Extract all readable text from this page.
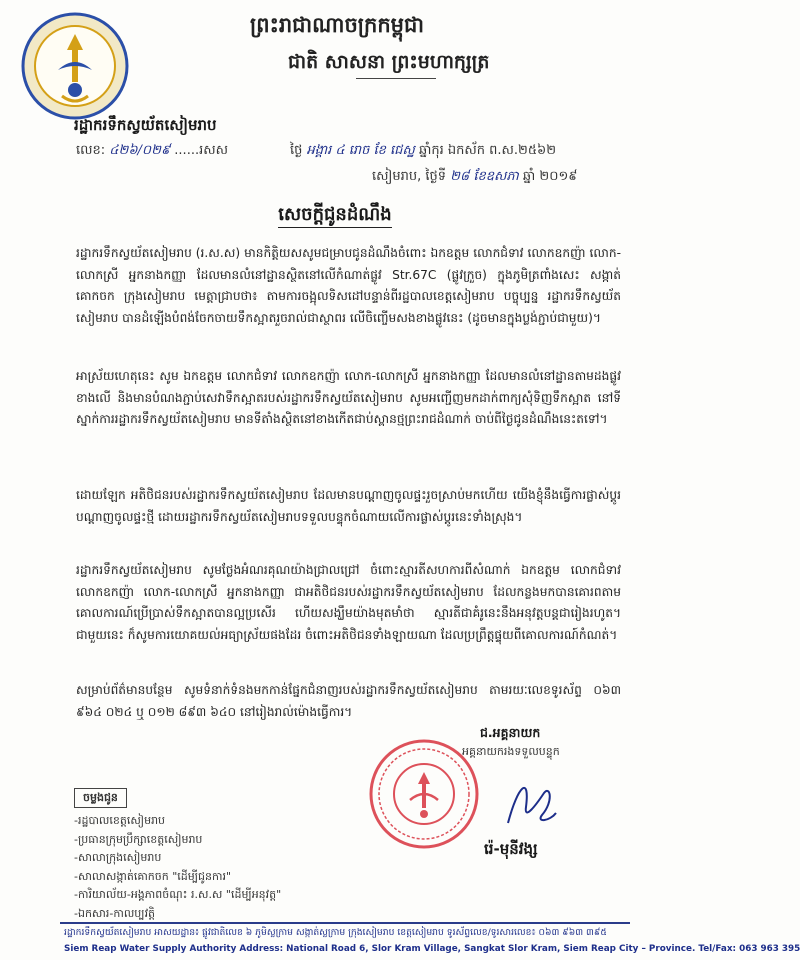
ព្រះរាជាណាចក្រកម្ពុជា
ជាតិ សាសនា ព្រះមហាក្សត្រ
រដ្ឋាករទឹកស្វយ័តសៀមរាប
លេខ: ៤២៦/០២៩ ......រសស	ថ្ងៃ អង្គារ ៤ រោច ខែ ជេស្ឋ ឆ្នាំកុរ ឯកស័ក ព.ស.២៥៦២
សៀមរាប, ថ្ងៃទី ២៨ ខែឧសភា ឆ្នាំ ២០១៩
សេចក្តីជូនដំណឹង
រដ្ឋាករទឹកស្វយ័តសៀមរាប (រ.ស.ស) មានកិត្តិយសសូមជម្រាបជូនដំណឹងចំពោះ ឯកឧត្តម លោកជំទាវ លោកឧកញ៉ា លោក-លោកស្រី អ្នកនាងកញ្ញា ដែលមានលំនៅដ្ឋានស្ថិតនៅលើកំណាត់ផ្លូវ Str.67C (ផ្លូវក្រួច) ក្នុងភូមិត្រពាំងសេះ សង្កាត់គោកចក ក្រុងសៀមរាប មេត្តាជ្រាបថា៖ តាមការចង្អុលទិសដៅបន្ទាន់ពីរដ្ឋបាលខេត្តសៀមរាប បច្ចុប្បន្ន រដ្ឋាករទឹកស្វយ័តសៀមរាប បានដំឡើងបំពង់ចែកចាយទឹកស្អាតរួចរាល់ជាស្ថាពរ លើចិញ្ចើមសងខាងផ្លូវនេះ (ដូចមានក្នុងប្លង់ភ្ជាប់ជាមួយ)។
អាស្រ័យហេតុនេះ សូម ឯកឧត្តម លោកជំទាវ លោកឧកញ៉ា លោក-លោកស្រី អ្នកនាងកញ្ញា ដែលមានលំនៅដ្ឋានតាមដងផ្លូវខាងលើ និងមានបំណងភ្ជាប់សេវាទឹកស្អាតរបស់រដ្ឋាករទឹកស្វយ័តសៀមរាប សូមអញ្ជើញមកដាក់ពាក្យសុំទិញទឹកស្អាត នៅទីស្នាក់ការរដ្ឋាករទឹកស្វយ័តសៀមរាប មានទីតាំងស្ថិតនៅខាងកើតជាប់ស្ពានថ្មព្រះរាជដំណាក់ ចាប់ពីថ្ងៃជូនដំណឹងនេះតទៅ។
ដោយឡែក អតិថិជនរបស់រដ្ឋាករទឹកស្វយ័តសៀមរាប ដែលមានបណ្តាញចូលផ្ទះរួចស្រាប់មកហើយ យើងខ្ញុំនឹងធ្វើការផ្លាស់ប្តូរបណ្តាញចូលផ្ទះថ្មី ដោយរដ្ឋាករទឹកស្វយ័តសៀមរាបទទួលបន្ទុកចំណាយលើការផ្លាស់ប្តូរនេះទាំងស្រុង។
រដ្ឋាករទឹកស្វយ័តសៀមរាប សូមថ្លែងអំណរគុណយ៉ាងជ្រាលជ្រៅ ចំពោះស្មារតីសហការពីសំណាក់ ឯកឧត្តម លោកជំទាវ លោកឧកញ៉ា លោក-លោកស្រី អ្នកនាងកញ្ញា ជាអតិថិជនរបស់រដ្ឋាករទឹកស្វយ័តសៀមរាប ដែលកន្លងមកបានគោរពតាមគោលការណ៍ប្រើប្រាស់ទឹកស្អាតបានល្អប្រសើរ ហើយសង្ឃឹមយ៉ាងមុតមាំថា ស្មារតីជាគំរូនេះនឹងអនុវត្តបន្តជារៀងរហូត។ ជាមួយនេះ ក៏សូមការយោគយល់អធ្យាស្រ័យផងដែរ ចំពោះអតិថិជនទាំងឡាយណា ដែលប្រព្រឹត្តផ្ទុយពីគោលការណ៍កំណត់។
សម្រាប់ព័ត៌មានបន្ថែម សូមទំនាក់ទំនងមកកាន់ផ្នែកជំនាញរបស់រដ្ឋាករទឹកស្វយ័តសៀមរាប តាមរយៈលេខទូរស័ព្ទ ០៦៣ ៩៦៤ ០២៤ ឬ ០១២ ៨៩៣ ៦៤០ នៅរៀងរាល់ម៉ោងធ្វើការ។
ជ.អគ្គនាយក
អគ្គនាយករងទទួលបន្ទុក
រ៉េ-មុនីវង្ស
ចម្លងជូន
-រដ្ឋបាលខេត្តសៀមរាប
-ប្រធានក្រុមប្រឹក្សាខេត្តសៀមរាប
-សាលាក្រុងសៀមរាប
-សាលាសង្កាត់គោកចក "ដើម្បីជូនការ"
-ការិយាល័យ-អង្គភាពចំណុះ រ.ស.ស "ដើម្បីអនុវត្ត"
-ឯកសារ-កាលប្បវត្តិ
រដ្ឋាករទឹកស្វយ័តសៀមរាប អាសយដ្ឋាន៖ ផ្លូវជាតិលេខ ៦ ភូមិស្លក្រាម សង្កាត់ស្លក្រាម ក្រុងសៀមរាប ខេត្តសៀមរាប ទូរស័ព្ទលេខ/ទូរសារលេខ៖ ០៦៣ ៩៦៣ ៣៩៥
Siem Reap Water Supply Authority Address: National Road 6, Slor Kram Village, Sangkat Slor Kram, Siem Reap City – Province. Tel/Fax: 063 963 395
